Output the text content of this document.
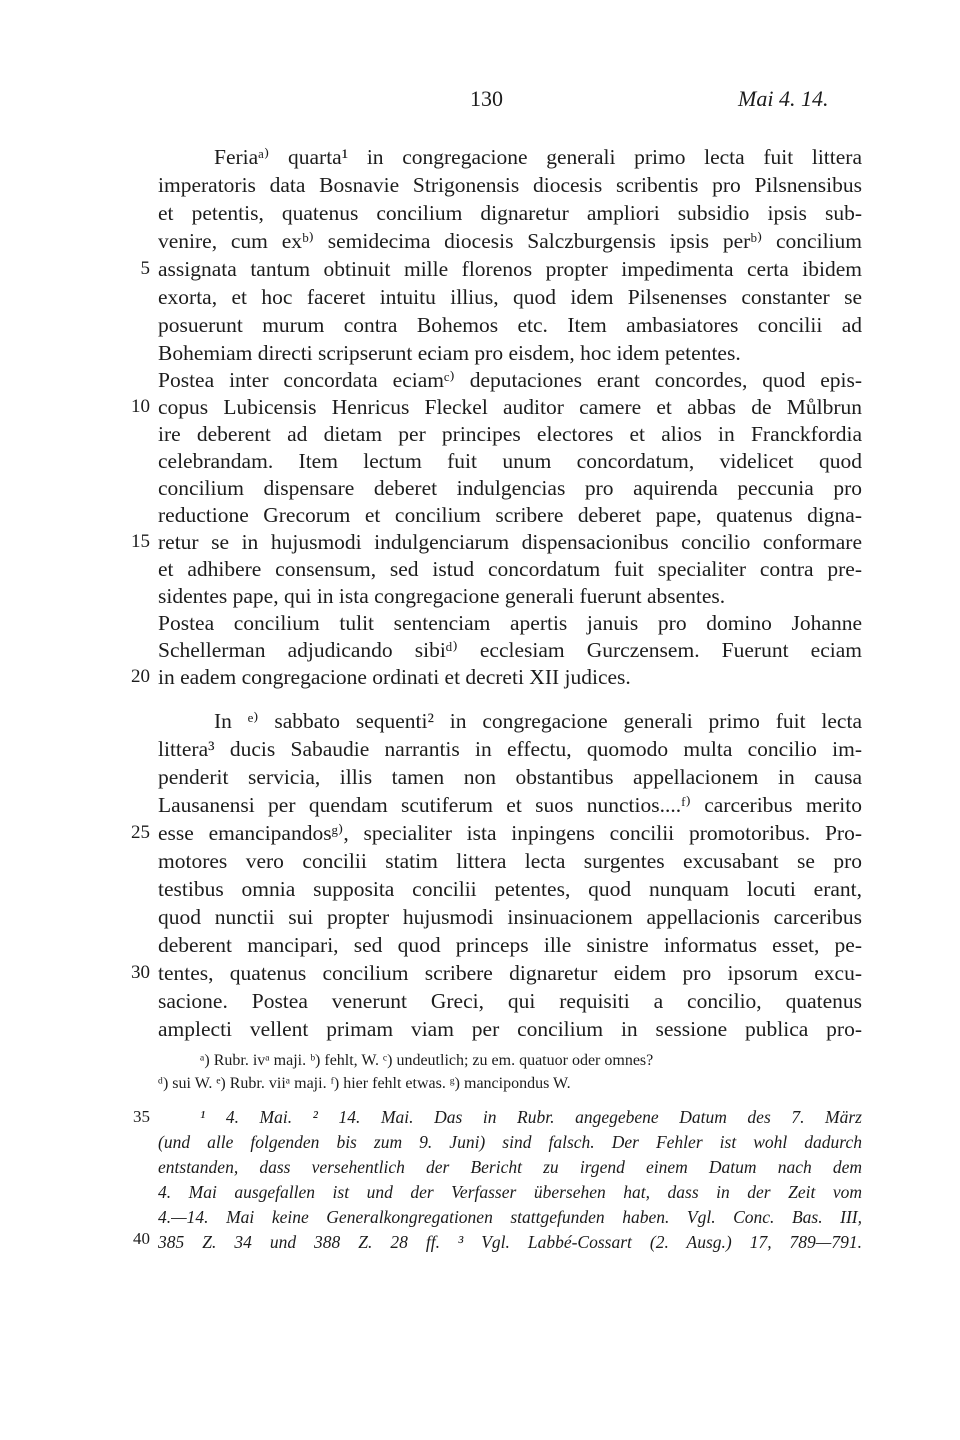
130	Mai 4. 14.
Feriaᵃ⁾ quarta¹ in congregacione generali primo lecta fuit littera
imperatoris data Bosnavie Strigonensis diocesis scribentis pro Pilsnensibus
et petentis, quatenus concilium dignaretur ampliori subsidio ipsis sub-
venire, cum exᵇ⁾ semidecima diocesis Salczburgensis ipsis perᵇ⁾ concilium
assignata tantum obtinuit mille florenos propter impedimenta certa ibidem
exorta, et hoc faceret intuitu illius, quod idem Pilsenenses constanter se
posuerunt murum contra Bohemos etc. Item ambasiatores concilii ad
Bohemiam directi scripserunt eciam pro eisdem, hoc idem petentes.
Postea inter concordata eciamᶜ⁾ deputaciones erant concordes, quod epis-
copus Lubicensis Henricus Fleckel auditor camere et abbas de Můlbrun
ire deberent ad dietam per principes electores et alios in Franckfordia
celebrandam. Item lectum fuit unum concordatum, videlicet quod
concilium dispensare deberet indulgencias pro aquirenda peccunia pro
reductione Grecorum et concilium scribere deberet pape, quatenus digna-
retur se in hujusmodi indulgenciarum dispensacionibus concilio conformare
et adhibere consensum, sed istud concordatum fuit specialiter contra pre-
sidentes pape, qui in ista congregacione generali fuerunt absentes.
Postea concilium tulit sentenciam apertis januis pro domino Johanne
Schellerman adjudicando sibiᵈ⁾ ecclesiam Gurczensem. Fuerunt eciam
in eadem congregacione ordinati et decreti XII judices.
In ᵉ⁾ sabbato sequenti² in congregacione generali primo fuit lecta
littera³ ducis Sabaudie narrantis in effectu, quomodo multa concilio im-
penderit servicia, illis tamen non obstantibus appellacionem in causa
Lausanensi per quendam scutiferum et suos nunctios....ᶠ⁾ carceribus merito
esse emancipandosᵍ⁾, specialiter ista inpingens concilii promotoribus. Pro-
motores vero concilii statim littera lecta surgentes excusabant se pro
testibus omnia supposita concilii petentes, quod nunquam locuti erant,
quod nunctii sui propter hujusmodi insinuacionem appellacionis carceribus
deberent mancipari, sed quod princeps ille sinistre informatus esset, pe-
tentes, quatenus concilium scribere dignaretur eidem pro ipsorum excu-
sacione. Postea venerunt Greci, qui requisiti a concilio, quatenus
amplecti vellent primam viam per concilium in sessione publica pro-
5
10
15
20
25
30
35
40
ᵃ) Rubr. ivᵃ maji. ᵇ) fehlt, W. ᶜ) undeutlich; zu em. quatuor oder omnes?
ᵈ) sui W. ᵉ) Rubr. viiᵃ maji. ᶠ) hier fehlt etwas. ᵍ) mancipondus W.
¹ 4. Mai. ² 14. Mai. Das in Rubr. angegebene Datum des 7. März
(und alle folgenden bis zum 9. Juni) sind falsch. Der Fehler ist wohl dadurch
entstanden, dass versehentlich der Bericht zu irgend einem Datum nach dem
4. Mai ausgefallen ist und der Verfasser übersehen hat, dass in der Zeit vom
4.—14. Mai keine Generalkongregationen stattgefunden haben. Vgl. Conc. Bas. III,
385 Z. 34 und 388 Z. 28 ff. ³ Vgl. Labbé-Cossart (2. Ausg.) 17, 789—791.
